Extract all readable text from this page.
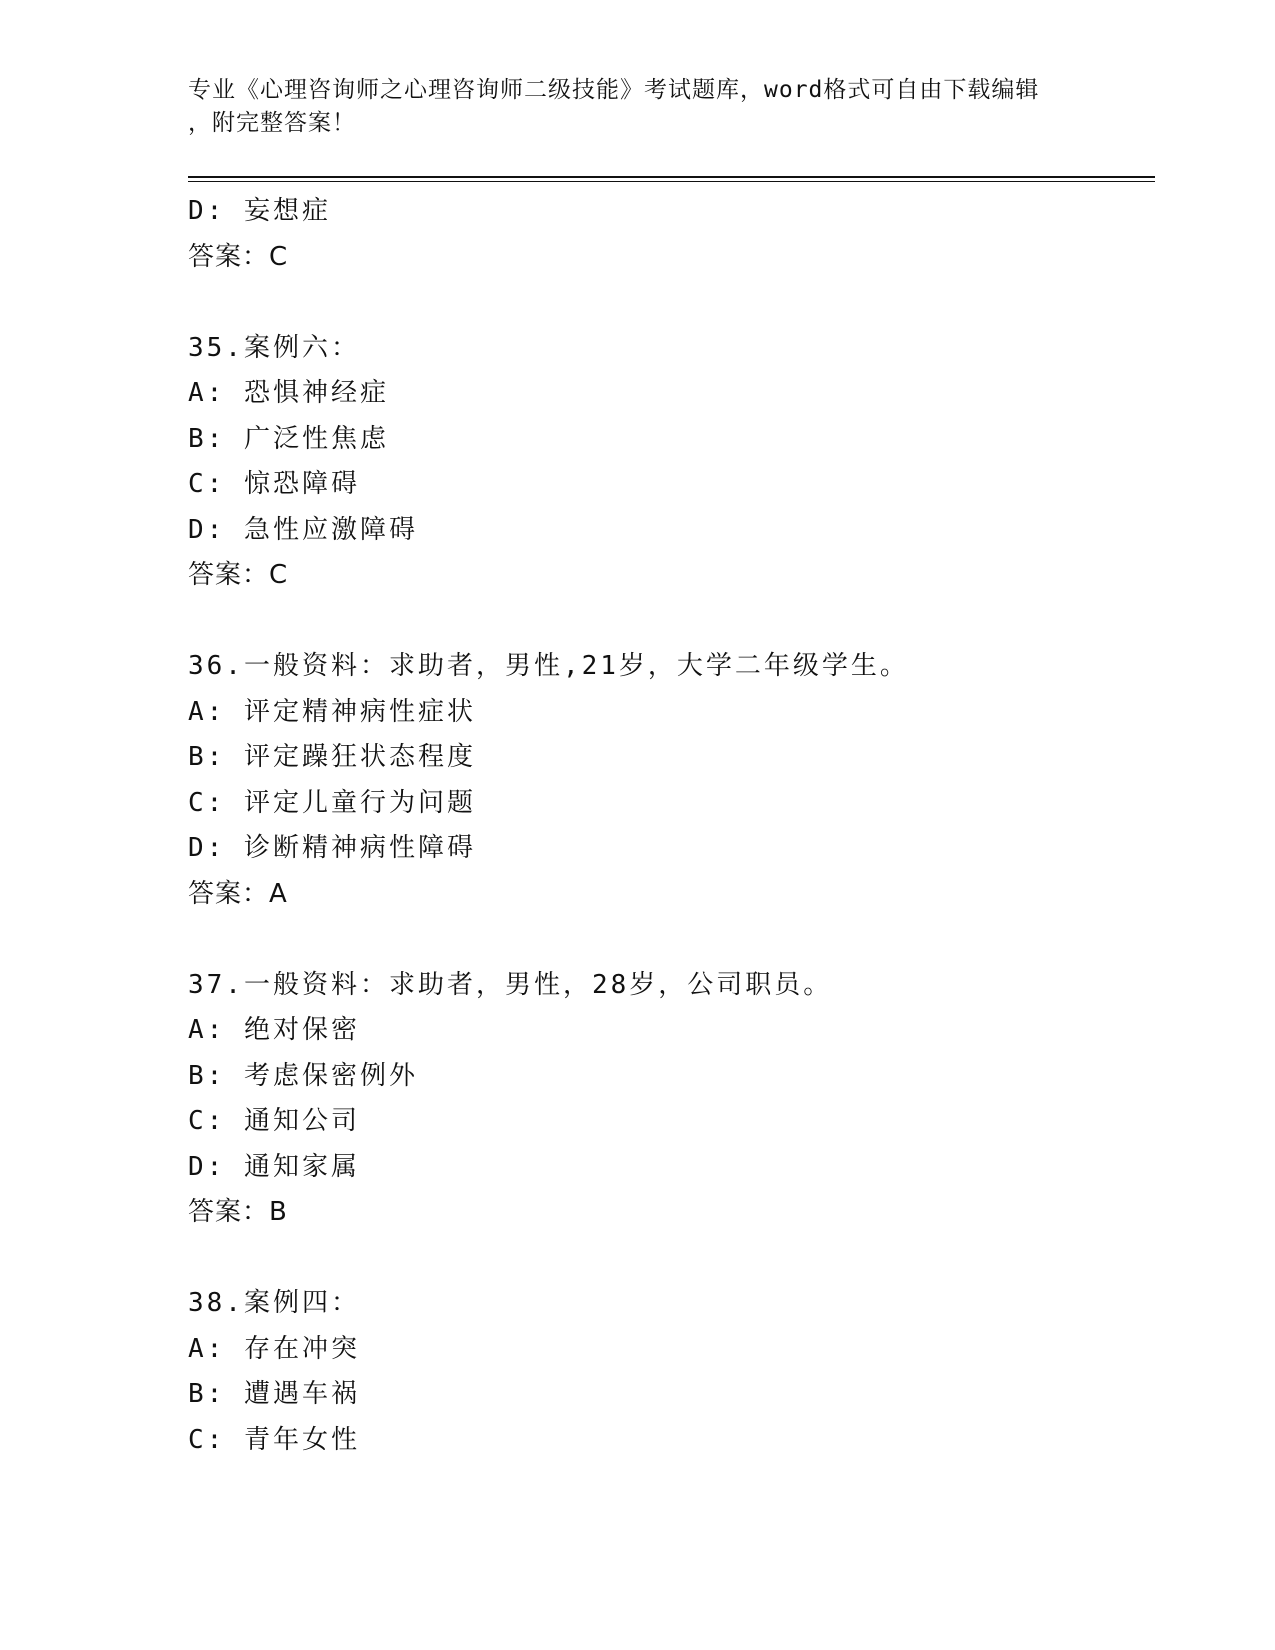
专业《心理咨询师之心理咨询师二级技能》考试题库，word格式可自由下载编辑
，附完整答案！
D: 妄想症
答案：C
35.案例六：
A: 恐惧神经症
B: 广泛性焦虑
C: 惊恐障碍
D: 急性应激障碍
答案：C
36.一般资料：求助者，男性,21岁，大学二年级学生。
A: 评定精神病性症状
B: 评定躁狂状态程度
C: 评定儿童行为问题
D: 诊断精神病性障碍
答案：A
37.一般资料：求助者，男性，28岁，公司职员。
A: 绝对保密
B: 考虑保密例外
C: 通知公司
D: 通知家属
答案：B
38.案例四：
A: 存在冲突
B: 遭遇车祸
C: 青年女性
